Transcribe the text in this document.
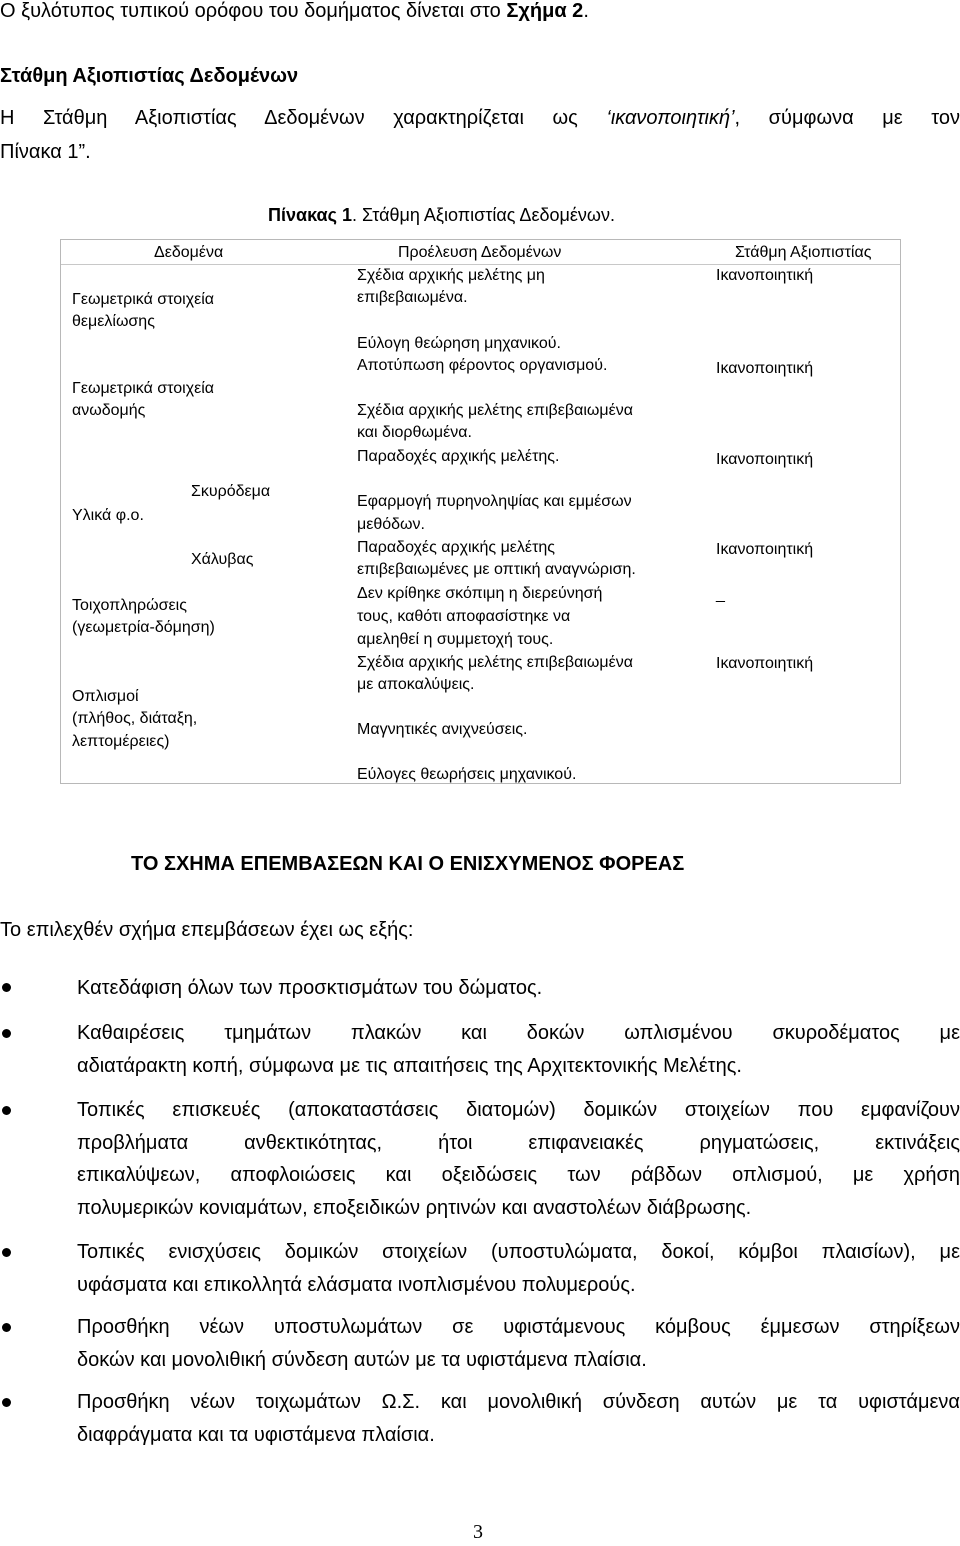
Ο ξυλότυπος τυπικού ορόφου του δομήματος δίνεται στο Σχήμα 2.
Στάθμη Αξιοπιστίας Δεδομένων
Η Στάθμη Αξιοπιστίας Δεδομένων χαρακτηρίζεται ως ‘ικανοποιητική’, σύμφωνα με τον
Πίνακα 1”.
Πίνακας 1. Στάθμη Αξιοπιστίας Δεδομένων.
Δεδομένα	Προέλευση Δεδομένων	Στάθμη Αξιοπιστίας
Γεωμετρικά στοιχεία
θεμελίωσης
Γεωμετρικά στοιχεία
ανωδομής
Υλικά φ.ο.
Σκυρόδεμα
Χάλυβας
Τοιχοπληρώσεις
(γεωμετρία-δόμηση)
Οπλισμοί
(πλήθος, διάταξη,
λεπτομέρειες)
Σχέδια αρχικής μελέτης μη
επιβεβαιωμένα.
Εύλογη θεώρηση μηχανικού.
Αποτύπωση φέροντος οργανισμού.
Σχέδια αρχικής μελέτης επιβεβαιωμένα
και διορθωμένα.
Παραδοχές αρχικής μελέτης.
Εφαρμογή πυρηνοληψίας και εμμέσων
μεθόδων.
Παραδοχές αρχικής μελέτης
επιβεβαιωμένες με οπτική αναγνώριση.
Δεν κρίθηκε σκόπιμη η διερεύνησή
τους, καθότι αποφασίστηκε να
αμεληθεί η συμμετοχή τους.
Σχέδια αρχικής μελέτης επιβεβαιωμένα
με αποκαλύψεις.
Μαγνητικές ανιχνεύσεις.
Εύλογες θεωρήσεις μηχανικού.
Ικανοποιητική
Ικανοποιητική
Ικανοποιητική
Ικανοποιητική
_
Ικανοποιητική
ΤΟ ΣΧΗΜΑ ΕΠΕΜΒΑΣΕΩΝ ΚΑΙ Ο ΕΝΙΣΧΥΜΕΝΟΣ ΦΟΡΕΑΣ
Το επιλεχθέν σχήμα επεμβάσεων έχει ως εξής:
Κατεδάφιση όλων των προσκτισμάτων του δώματος.
Καθαιρέσεις τμημάτων πλακών και δοκών ωπλισμένου σκυροδέματος με
αδιατάρακτη κοπή, σύμφωνα με τις απαιτήσεις της Αρχιτεκτονικής Μελέτης.
Τοπικές επισκευές (αποκαταστάσεις διατομών) δομικών στοιχείων που εμφανίζουν
προβλήματα ανθεκτικότητας, ήτοι επιφανειακές ρηγματώσεις, εκτινάξεις
επικαλύψεων, αποφλοιώσεις και οξειδώσεις των ράβδων οπλισμού, με χρήση
πολυμερικών κονιαμάτων, εποξειδικών ρητινών και αναστολέων διάβρωσης.
Τοπικές ενισχύσεις δομικών στοιχείων (υποστυλώματα, δοκοί, κόμβοι πλαισίων), με
υφάσματα και επικολλητά ελάσματα ινοπλισμένου πολυμερούς.
Προσθήκη νέων υποστυλωμάτων σε υφιστάμενους κόμβους έμμεσων στηρίξεων
δοκών και μονολιθική σύνδεση αυτών με τα υφιστάμενα πλαίσια.
Προσθήκη νέων τοιχωμάτων Ω.Σ. και μονολιθική σύνδεση αυτών με τα υφιστάμενα
διαφράγματα και τα υφιστάμενα πλαίσια.
3
